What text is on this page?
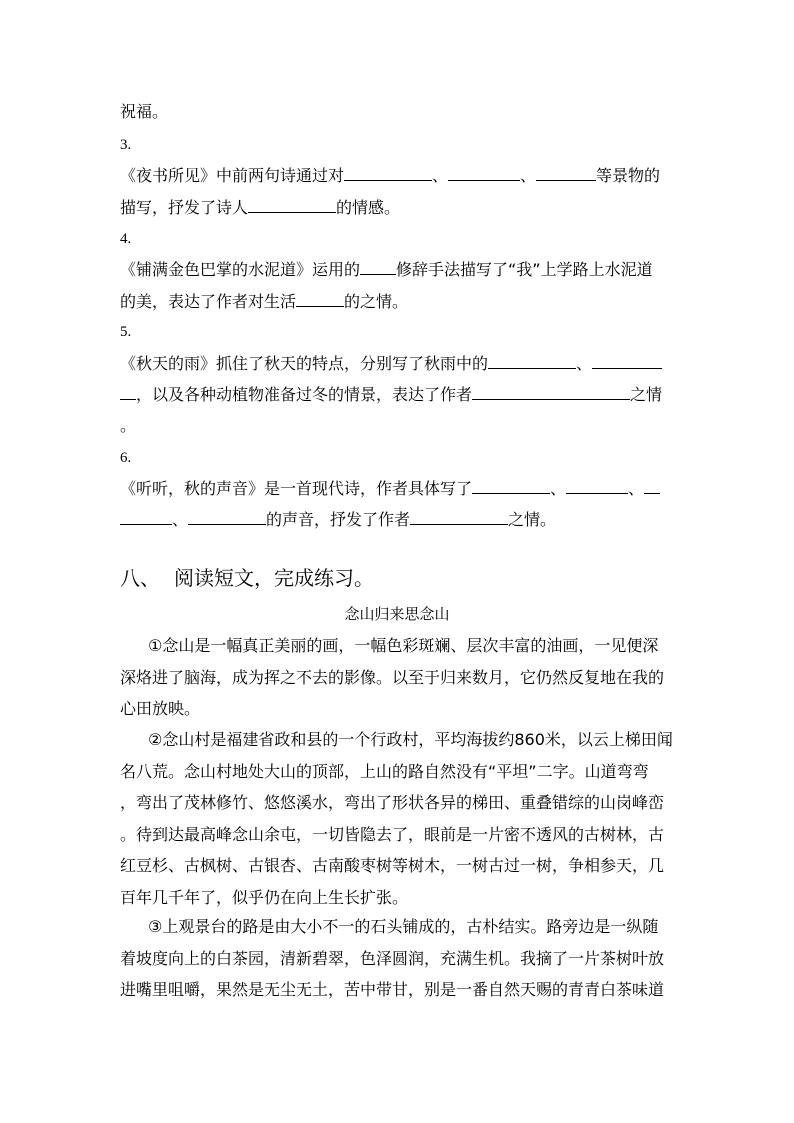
祝福。
3.
《夜书所见》中前两句诗通过对	、	、	等景物的
描写，抒发了诗人	的情感。
4.
《铺满金色巴掌的水泥道》运用的 修辞手法描写了“我”上学路上水泥道
的美，表达了作者对生活	的之情。
5.
《秋天的雨》抓住了秋天的特点，分别写了秋雨中的	、
，以及各种动植物准备过冬的情景，表达了作者	之情
。
6.
《听听，秋的声音》是一首现代诗，作者具体写了	、	、
、	的声音，抒发了作者	之情。
八、 阅读短文，完成练习。
念山归来思念山
①念山是一幅真正美丽的画，一幅色彩斑斓、层次丰富的油画，一见便深
深烙进了脑海，成为挥之不去的影像。以至于归来数月，它仍然反复地在我的
心田放映。
②念山村是福建省政和县的一个行政村，平均海拔约860米，以云上梯田闻
名八荒。念山村地处大山的顶部，上山的路自然没有“平坦”二字。山道弯弯
，弯出了茂林修竹、悠悠溪水，弯出了形状各异的梯田、重叠错综的山岗峰峦
。待到达最高峰念山余屯，一切皆隐去了，眼前是一片密不透风的古树林，古
红豆杉、古枫树、古银杏、古南酸枣树等树木，一树古过一树，争相参天，几
百年几千年了，似乎仍在向上生长扩张。
③上观景台的路是由大小不一的石头铺成的，古朴结实。路旁边是一纵随
着坡度向上的白茶园，清新碧翠，色泽圆润，充满生机。我摘了一片茶树叶放
进嘴里咀嚼，果然是无尘无土，苦中带甘，别是一番自然天赐的青青白茶味道
